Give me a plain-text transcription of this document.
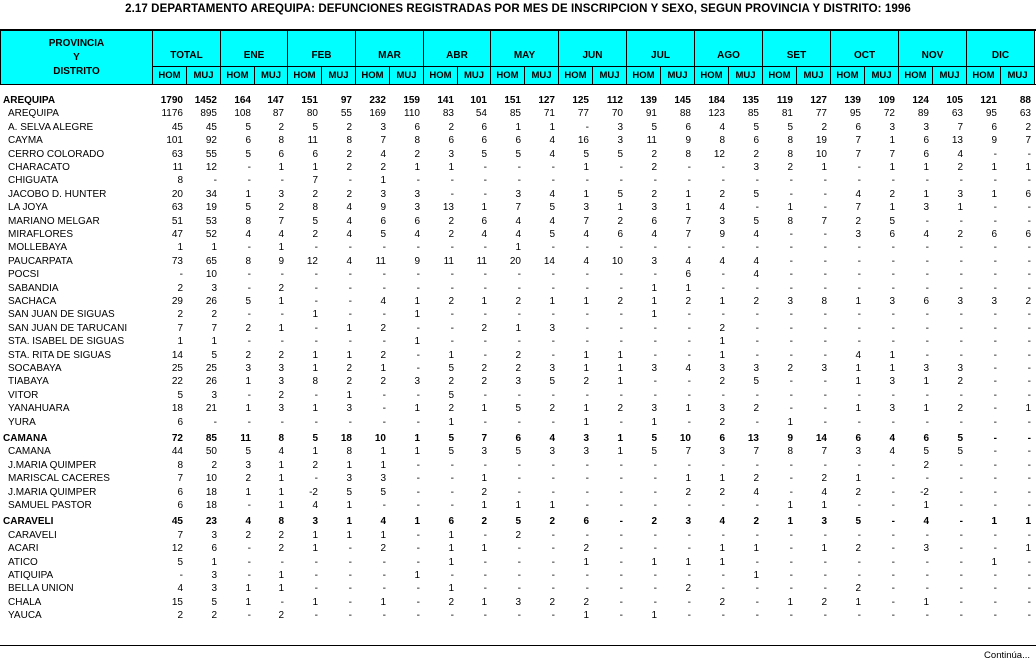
2.17 DEPARTAMENTO AREQUIPA: DEFUNCIONES REGISTRADAS POR MES DE INSCRIPCION Y SEXO, SEGUN PROVINCIA Y DISTRITO: 1996
PROVINCIA
Y
DISTRITO
TOTAL
HOM	MUJ
ENE
HOM	MUJ
FEB
HOM	MUJ
MAR
HOM	MUJ
ABR
HOM	MUJ
MAY
HOM	MUJ
JUN
HOM	MUJ
JUL
HOM	MUJ
AGO
HOM	MUJ
SET
HOM	MUJ
OCT
HOM	MUJ
NOV
HOM	MUJ
DIC
HOM	MUJ
AREQUIPA	1790 1452 164 147 151 97 232 159 141 101 151 127 125 112 139 145 184 135 119 127 139 109 124 105 121 88
AREQUIPA	1176 895 108 87 80 55 169 110 83 54 85 71 77 70 91 88 123 85 81 77 95 72 89 63 95 63
A. SELVA ALEGRE	45 45	5	2	5	2	3	6	2	6	1	1	-	3	5	6	4	5	5	2	6	3	3	7	6	2
CAYMA	101 92	6	8 11	8	7	8	6	6	6	4 16	3 11	9	8	6	8 19	7	1	6 13	9	7
CERRO COLORADO	63 55	5	6	6	2	4	2	3	5	5	4	5	5	2	8 12	2	8 10	7	7	6	4	-	-
CHARACATO	11 12	-	1	1	2	2	1	1	-	-	-	1	-	2	-	-	3	2	1	-	1	1	2	1	1
CHIGUATA	8	-	-	-	7	-	1	-	-	-	-	-	-	-	-	-	-	-	-	-	-	-	-	-	-	-
JACOBO D. HUNTER	20 34	1	3	2	2	3	3	-	-	3	4	1	5	2	1	2	5	-	-	4	2	1	3	1	6
LA JOYA	63 19	5	2	8	4	9	3 13	1	7	5	3	1	3	1	4	-	1	-	7	1	3	1	-	-
MARIANO MELGAR	51 53	8	7	5	4	6	6	2	6	4	4	7	2	6	7	3	5	8	7	2	5	-	-	-	-
MIRAFLORES	47 52	4	4	2	4	5	4	2	4	4	5	4	6	4	7	9	4	-	-	3	6	4	2	6	6
MOLLEBAYA	1	1	-	1	-	-	-	-	-	-	1	-	-	-	-	-	-	-	-	-	-	-	-	-	-	-
PAUCARPATA	73 65	8	9 12	4 11	9 11 11 20 14	4 10	3	4	4	4	-	-	-	-	-	-	-	-
POCSI	- 10	-	-	-	-	-	-	-	-	-	-	-	-	-	6	-	4	-	-	-	-	-	-	-	-
SABANDIA	2	3	-	2	-	-	-	-	-	-	-	-	-	-	1	1	-	-	-	-	-	-	-	-	-	-
SACHACA	29 26	5	1	-	-	4	1	2	1	2	1	1	2	1	2	1	2	3	8	1	3	6	3	3	2
SAN JUAN DE SIGUAS	2	2	-	-	1	-	-	1	-	-	-	-	-	-	1	-	-	-	-	-	-	-	-	-	-	-
SAN JUAN DE TARUCANI	7	7	2	1	-	1	2	-	-	2	1	3	-	-	-	-	2	-	-	-	-	-	-	-	-	-
STA. ISABEL DE SIGUAS	1	1	-	-	-	-	-	1	-	-	-	-	-	-	-	-	1	-	-	-	-	-	-	-	-	-
STA. RITA DE SIGUAS	14	5	2	2	1	1	2	-	1	-	2	-	1	1	-	-	1	-	-	-	4	1	-	-	-	-
SOCABAYA	25 25	3	3	1	2	1	-	5	2	2	3	1	1	3	4	3	3	2	3	1	1	3	3	-	-
TIABAYA	22 26	1	3	8	2	2	3	2	2	3	5	2	1	-	-	2	5	-	-	1	3	1	2	-	-
VITOR	5	3	-	2	-	1	-	-	5	-	-	-	-	-	-	-	-	-	-	-	-	-	-	-	-	-
YANAHUARA	18 21	1	3	1	3	-	1	2	1	5	2	1	2	3	1	3	2	-	-	1	3	1	2	-	1
YURA	6	-	-	-	-	-	-	-	1	-	-	-	1	-	1	-	2	-	1	-	-	-	-	-	-	-
CAMANA	72 85 11	8	5 18 10	1	5	7	6	4	3	1	5 10	6 13	9 14	6	4	6	5	-	-
CAMANA	44 50	5	4	1	8	1	1	5	3	5	3	3	1	5	7	3	7	8	7	3	4	5	5	-	-
J.MARIA QUIMPER	8	2	3	1	2	1	1	-	-	-	-	-	-	-	-	-	-	-	-	-	-	-	2	-	-	-
MARISCAL CACERES	7 10	2	1	-	3	3	-	-	1	-	-	-	-	-	1	1	2	-	2	1	-	-	-	-	-
J.MARIA QUIMPER	6 18	1	1	-2	5	5	-	-	2	-	-	-	-	-	2	2	4	-	4	2	-	-2	-	-	-
SAMUEL PASTOR	6 18	-	1	4	1	-	-	-	1	1	1	-	-	-	-	-	-	1	1	-	-	1	-	-	-
CARAVELI	45 23	4	8	3	1	4	1	6	2	5	2	6	-	2	3	4	2	1	3	5	-	4	-	1	1
CARAVELI	7	3	2	2	1	1	1	-	1	-	2	-	-	-	-	-	-	-	-	-	-	-	-	-	-	-
ACARI	12	6	-	2	1	-	2	-	1	1	-	-	2	-	-	-	1	1	-	1	2	-	3	-	-	1
ATICO	5	1	-	-	-	-	-	-	1	-	-	-	1	-	1	1	1	-	-	-	-	-	-	-	1	-
ATIQUIPA	-	3	-	1	-	-	-	1	-	-	-	-	-	-	-	-	-	1	-	-	-	-	-	-	-	-
BELLA UNION	4	3	1	1	-	-	-	-	1	-	-	-	-	-	-	2	-	-	-	-	2	-	-	-	-	-
CHALA	15	5	1	-	1	-	1	-	2	1	3	2	2	-	-	-	2	-	1	2	1	-	1	-	-	-
YAUCA	2	2	-	2	-	-	-	-	-	-	-	-	1	-	1	-	-	-	-	-	-	-	-	-	-	-
Continúa...
